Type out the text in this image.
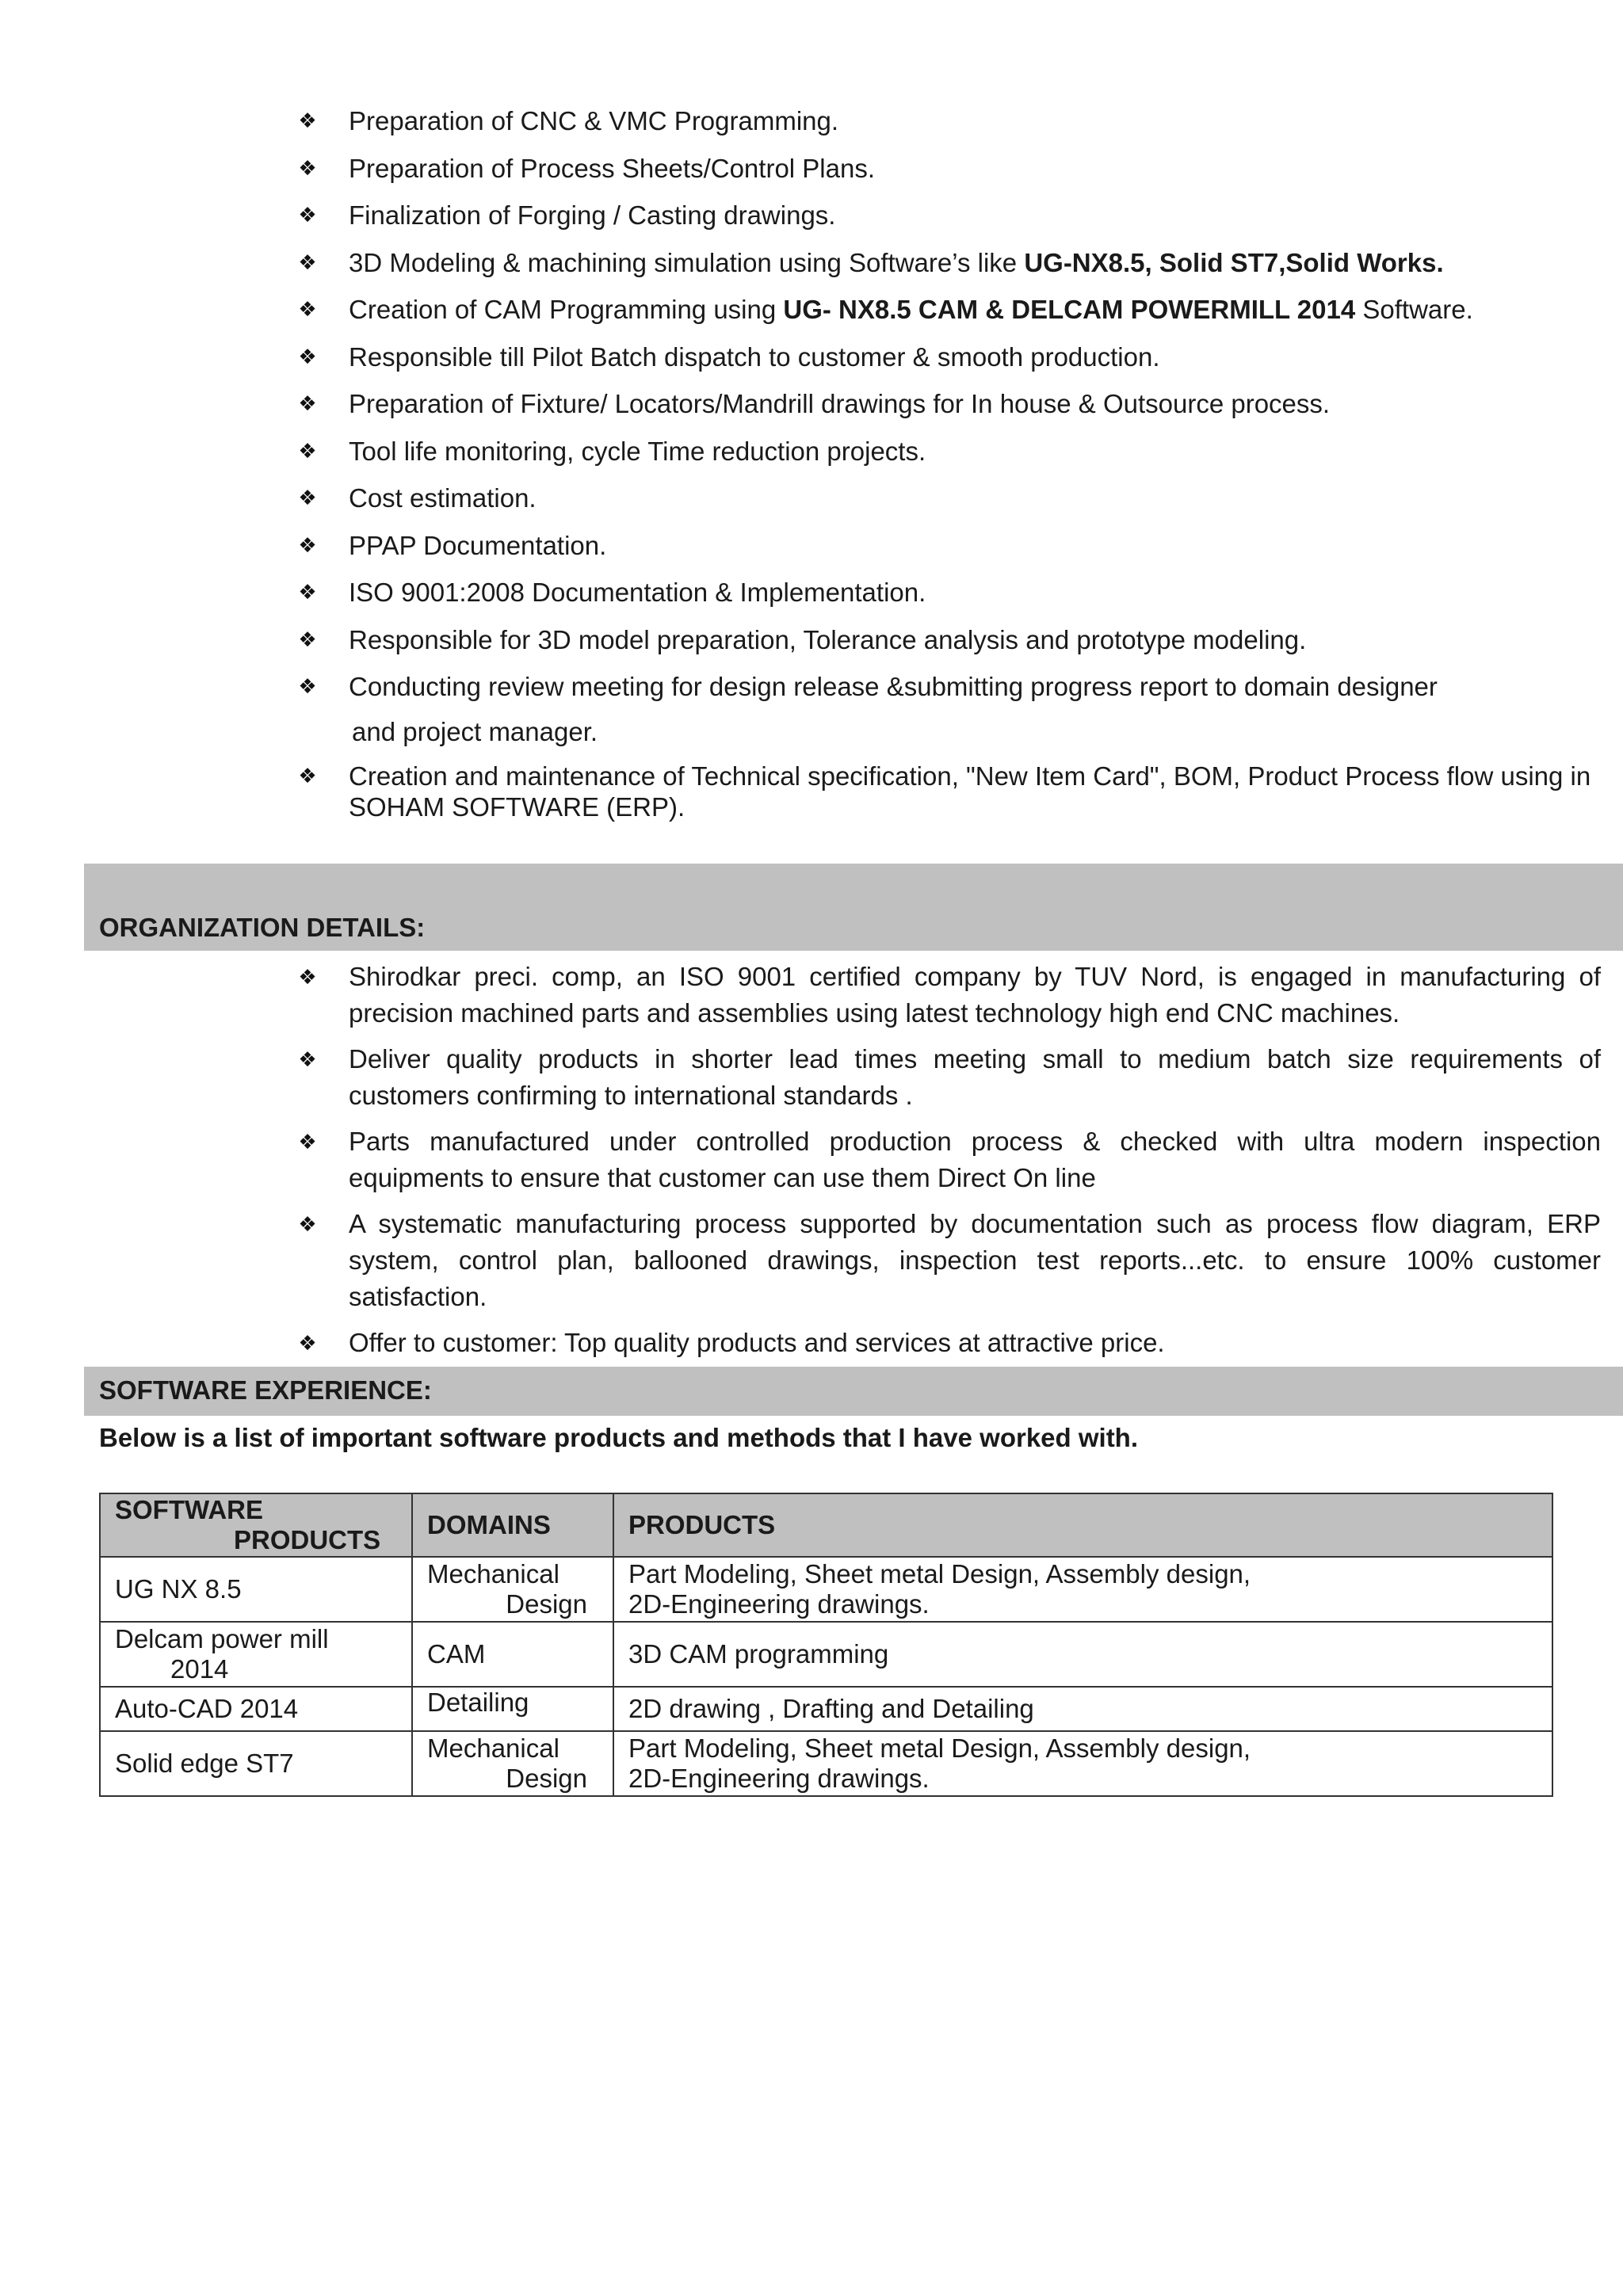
❖ Preparation of CNC & VMC Programming.
❖ Preparation of Process Sheets/Control Plans.
❖ Finalization of Forging / Casting drawings.
❖ 3D Modeling & machining simulation using Software’s like UG-NX8.5, Solid ST7,Solid Works.
❖ Creation of CAM Programming using UG- NX8.5 CAM & DELCAM POWERMILL 2014 Software.
❖ Responsible till Pilot Batch dispatch to customer & smooth production.
❖ Preparation of Fixture/ Locators/Mandrill drawings for In house & Outsource process.
❖ Tool life monitoring, cycle Time reduction projects.
❖ Cost estimation.
❖ PPAP Documentation.
❖ ISO 9001:2008 Documentation & Implementation.
❖ Responsible for 3D model preparation, Tolerance analysis and prototype modeling.
❖ Conducting review meeting for design release &submitting progress report to domain designer
and project manager.
❖ Creation and maintenance of Technical specification, "New Item Card", BOM, Product Process flow using in SOHAM SOFTWARE (ERP).
ORGANIZATION DETAILS:
❖ Shirodkar preci. comp, an ISO 9001 certified company by TUV Nord, is engaged in manufacturing of precision machined parts and assemblies using latest technology high end CNC machines.
❖ Deliver quality products in shorter lead times meeting small to medium batch size requirements of customers confirming to international standards .
❖ Parts manufactured under controlled production process & checked with ultra modern inspection equipments to ensure that customer can use them Direct On line
❖ A systematic manufacturing process supported by documentation such as process flow diagram, ERP system, control plan, ballooned drawings, inspection test reports...etc. to ensure 100% customer satisfaction.
❖ Offer to customer: Top quality products and services at attractive price.
SOFTWARE EXPERIENCE:
Below is a list of important software products and methods that I have worked with.
SOFTWARE
PRODUCTS	DOMAINS	PRODUCTS
UG NX 8.5	Mechanical
Design	Part Modeling, Sheet metal Design, Assembly design,
2D-Engineering drawings.

Delcam power mill
2014	CAM	3D CAM programming
Auto-CAD 2014	Detailing	2D drawing , Drafting and Detailing
Solid edge ST7	Mechanical
Design	Part Modeling, Sheet metal Design, Assembly design,
2D-Engineering drawings.
